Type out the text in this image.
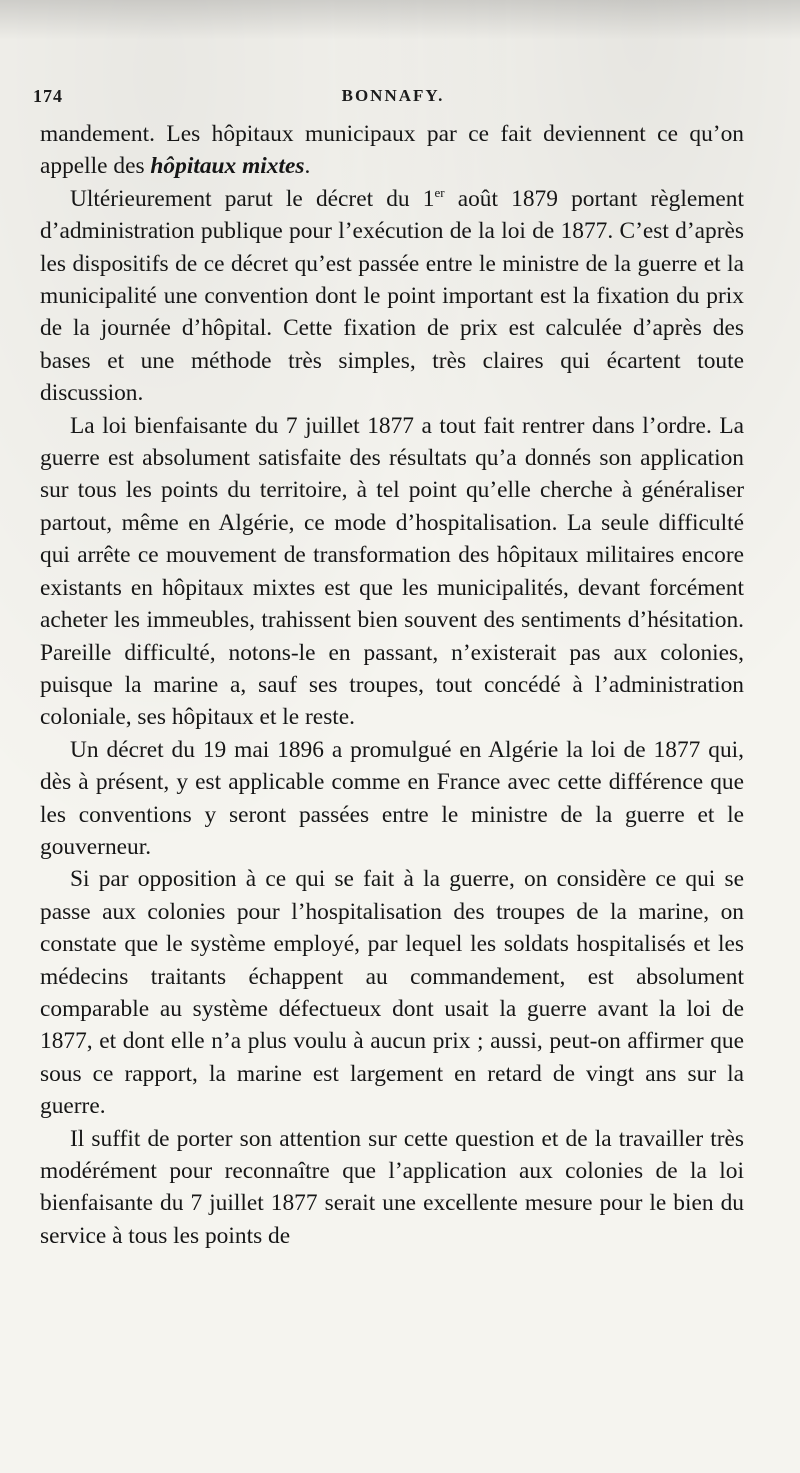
174	BONNAFY.

mandement. Les hôpitaux municipaux par ce fait deviennent ce qu’on appelle des hôpitaux mixtes.

Ultérieurement parut le décret du 1er août 1879 portant règlement d’administration publique pour l’exécution de la loi de 1877. C’est d’après les dispositifs de ce décret qu’est passée entre le ministre de la guerre et la municipalité une convention dont le point important est la fixation du prix de la journée d’hôpital. Cette fixation de prix est calculée d’après des bases et une méthode très simples, très claires qui écartent toute discussion.

La loi bienfaisante du 7 juillet 1877 a tout fait rentrer dans l’ordre. La guerre est absolument satisfaite des résultats qu’a donnés son application sur tous les points du territoire, à tel point qu’elle cherche à généraliser partout, même en Algérie, ce mode d’hospitalisation. La seule difficulté qui arrête ce mouvement de transformation des hôpitaux militaires encore existants en hôpitaux mixtes est que les municipalités, devant forcément acheter les immeubles, trahissent bien souvent des sentiments d’hésitation. Pareille difficulté, notons-le en passant, n’existerait pas aux colonies, puisque la marine a, sauf ses troupes, tout concédé à l’administration coloniale, ses hôpitaux et le reste.

Un décret du 19 mai 1896 a promulgué en Algérie la loi de 1877 qui, dès à présent, y est applicable comme en France avec cette différence que les conventions y seront passées entre le ministre de la guerre et le gouverneur.

Si par opposition à ce qui se fait à la guerre, on considère ce qui se passe aux colonies pour l’hospitalisation des troupes de la marine, on constate que le système employé, par lequel les soldats hospitalisés et les médecins traitants échappent au commandement, est absolument comparable au système défectueux dont usait la guerre avant la loi de 1877, et dont elle n’a plus voulu à aucun prix ; aussi, peut-on affirmer que sous ce rapport, la marine est largement en retard de vingt ans sur la guerre.

Il suffit de porter son attention sur cette question et de la travailler très modérément pour reconnaître que l’application aux colonies de la loi bienfaisante du 7 juillet 1877 serait une excellente mesure pour le bien du service à tous les points de
